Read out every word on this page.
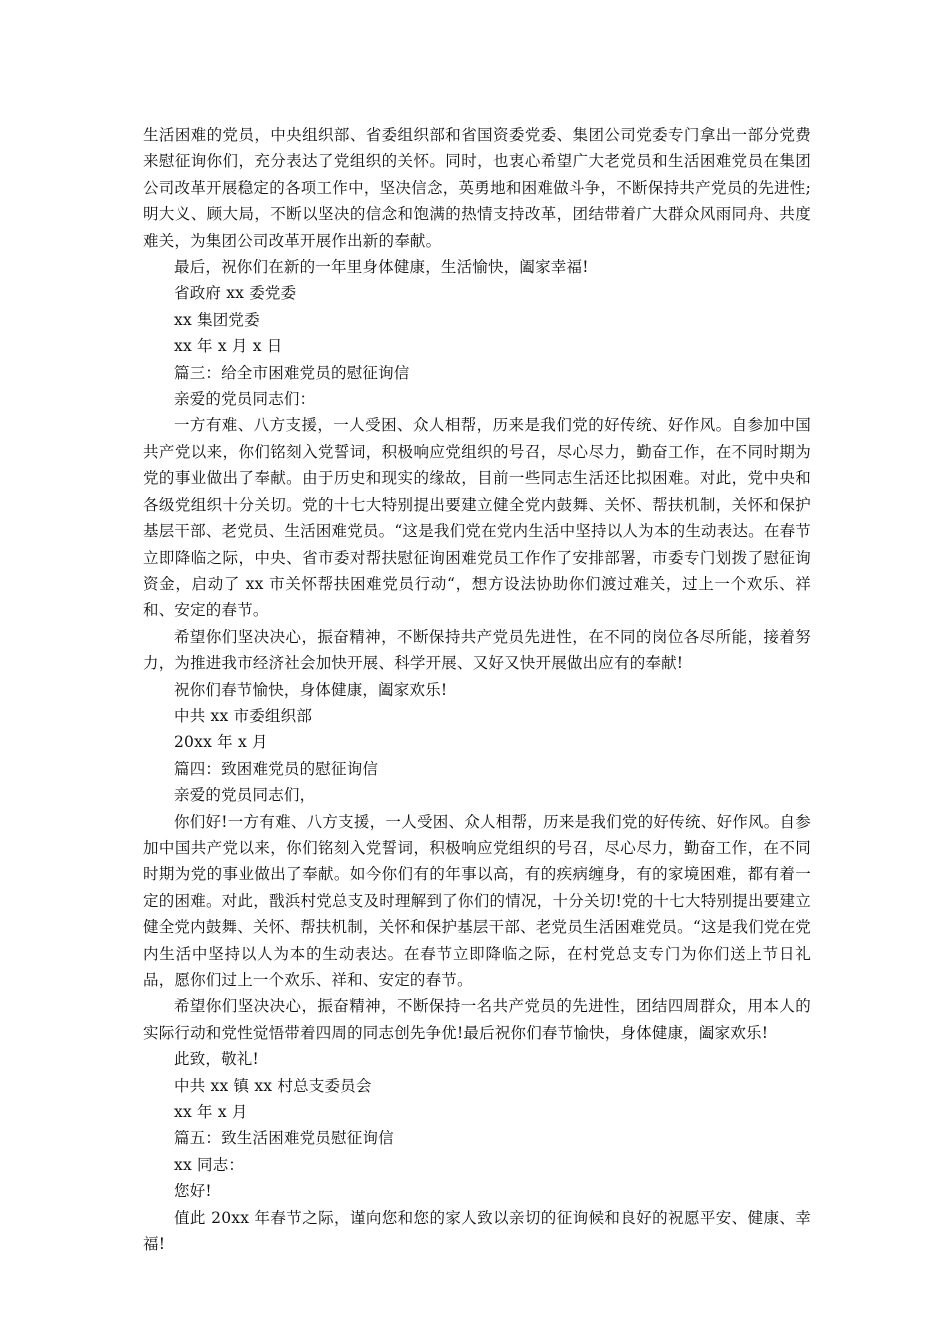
生活困难的党员，中央组织部、省委组织部和省国资委党委、集团公司党委专门拿出一部分党费来慰征询你们，充分表达了党组织的关怀。同时，也衷心希望广大老党员和生活困难党员在集团公司改革开展稳定的各项工作中，坚决信念，英勇地和困难做斗争，不断保持共产党员的先进性;明大义、顾大局，不断以坚决的信念和饱满的热情支持改革，团结带着广大群众风雨同舟、共度难关，为集团公司改革开展作出新的奉献。

最后，祝你们在新的一年里身体健康，生活愉快，阖家幸福!

省政府 xx 委党委

xx 集团党委

xx 年 x 月 x 日

篇三：给全市困难党员的慰征询信

亲爱的党员同志们：

一方有难、八方支援，一人受困、众人相帮，历来是我们党的好传统、好作风。自参加中国共产党以来，你们铭刻入党誓词，积极响应党组织的号召，尽心尽力，勤奋工作，在不同时期为党的事业做出了奉献。由于历史和现实的缘故，目前一些同志生活还比拟困难。对此，党中央和各级党组织十分关切。党的十七大特别提出要建立健全党内鼓舞、关怀、帮扶机制，关怀和保护基层干部、老党员、生活困难党员。“这是我们党在党内生活中坚持以人为本的生动表达。在春节立即降临之际，中央、省市委对帮扶慰征询困难党员工作作了安排部署，市委专门划拨了慰征询资金，启动了 xx 市关怀帮扶困难党员行动“，想方设法协助你们渡过难关，过上一个欢乐、祥和、安定的春节。

希望你们坚决决心，振奋精神，不断保持共产党员先进性，在不同的岗位各尽所能，接着努力，为推进我市经济社会加快开展、科学开展、又好又快开展做出应有的奉献!

祝你们春节愉快，身体健康，阖家欢乐!

中共 xx 市委组织部

20xx 年 x 月

篇四：致困难党员的慰征询信

亲爱的党员同志们，

你们好!一方有难、八方支援，一人受困、众人相帮，历来是我们党的好传统、好作风。自参加中国共产党以来，你们铭刻入党誓词，积极响应党组织的号召，尽心尽力，勤奋工作，在不同时期为党的事业做出了奉献。如今你们有的年事以高，有的疾病缠身，有的家境困难，都有着一定的困难。对此，戬浜村党总支及时理解到了你们的情况，十分关切!党的十七大特别提出要建立健全党内鼓舞、关怀、帮扶机制，关怀和保护基层干部、老党员生活困难党员。“这是我们党在党内生活中坚持以人为本的生动表达。在春节立即降临之际，在村党总支专门为你们送上节日礼品，愿你们过上一个欢乐、祥和、安定的春节。

希望你们坚决决心，振奋精神，不断保持一名共产党员的先进性，团结四周群众，用本人的实际行动和党性觉悟带着四周的同志创先争优!最后祝你们春节愉快，身体健康，阖家欢乐!

此致，敬礼!

中共 xx 镇 xx 村总支委员会

xx 年 x 月

篇五：致生活困难党员慰征询信

xx 同志：

您好!

值此 20xx 年春节之际，谨向您和您的家人致以亲切的征询候和良好的祝愿平安、健康、幸福!
